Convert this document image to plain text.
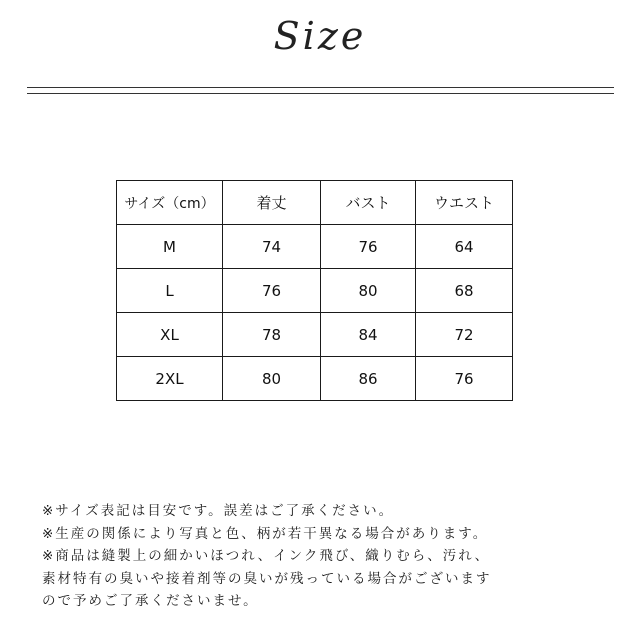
Size
サイズ（cm）	着丈	バスト	ウエスト
M	74	76	64
L	76	80	68
XL	78	84	72
2XL	80	86	76
※サイズ表記は目安です。誤差はご了承ください。
※生産の関係により写真と色、柄が若干異なる場合があります。
※商品は縫製上の細かいほつれ、インク飛び、織りむら、汚れ、
素材特有の臭いや接着剤等の臭いが残っている場合がございます
ので予めご了承くださいませ。
